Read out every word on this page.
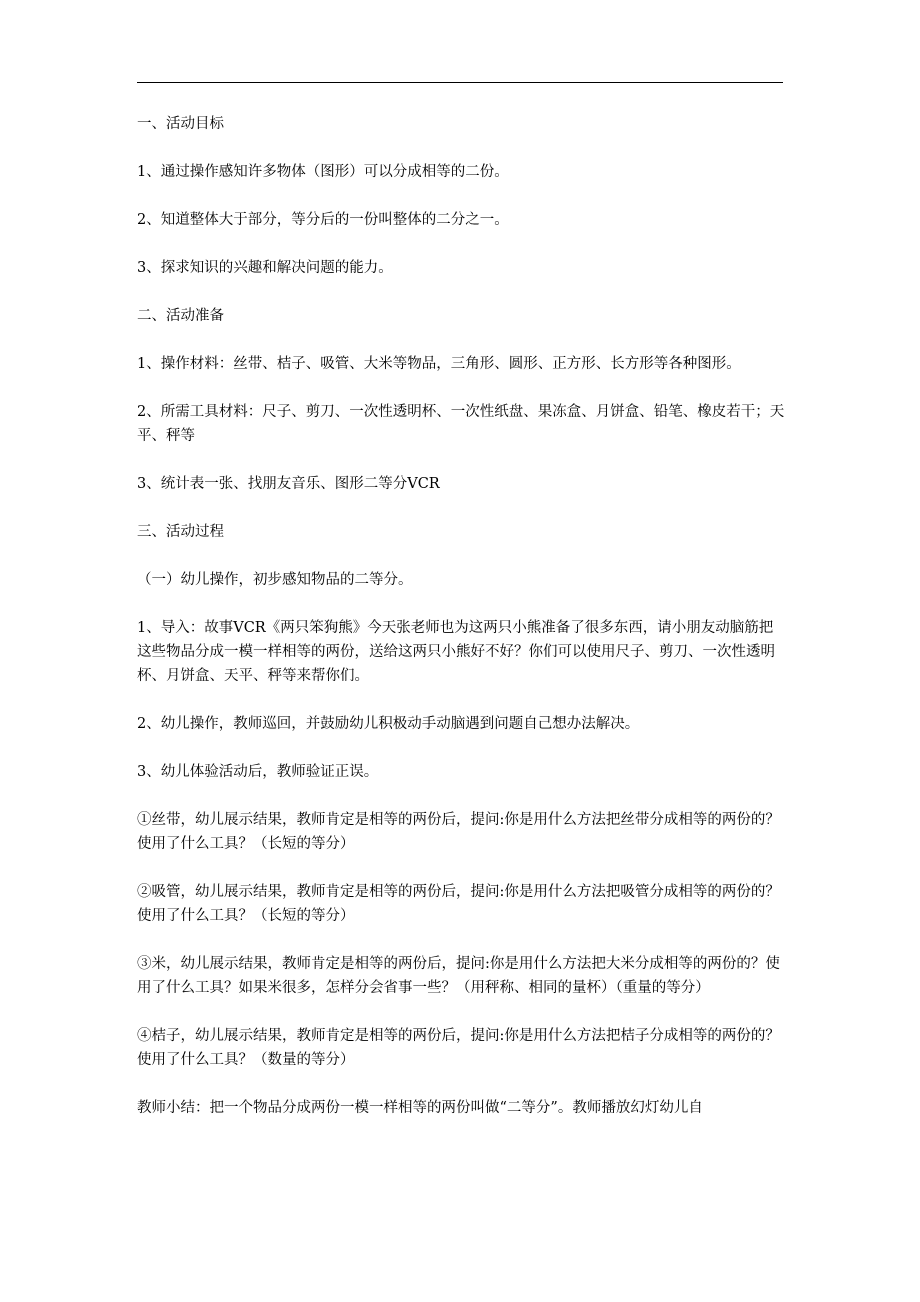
一、活动目标

1、通过操作感知许多物体（图形）可以分成相等的二份。

2、知道整体大于部分，等分后的一份叫整体的二分之一。

3、探求知识的兴趣和解决问题的能力。

二、活动准备

1、操作材料：丝带、桔子、吸管、大米等物品，三角形、圆形、正方形、长方形等各种图形。

2、所需工具材料：尺子、剪刀、一次性透明杯、一次性纸盘、果冻盒、月饼盒、铅笔、橡皮若干；天平、秤等

3、统计表一张、找朋友音乐、图形二等分VCR

三、活动过程

（一）幼儿操作，初步感知物品的二等分。

1、导入：故事VCR《两只笨狗熊》今天张老师也为这两只小熊准备了很多东西，请小朋友动脑筋把这些物品分成一模一样相等的两份，送给这两只小熊好不好？你们可以使用尺子、剪刀、一次性透明杯、月饼盒、天平、秤等来帮你们。

2、幼儿操作，教师巡回，并鼓励幼儿积极动手动脑遇到问题自己想办法解决。

3、幼儿体验活动后，教师验证正误。

①丝带，幼儿展示结果，教师肯定是相等的两份后，提问:你是用什么方法把丝带分成相等的两份的？使用了什么工具？（长短的等分）

②吸管，幼儿展示结果，教师肯定是相等的两份后，提问:你是用什么方法把吸管分成相等的两份的？使用了什么工具？（长短的等分）

③米，幼儿展示结果，教师肯定是相等的两份后，提问:你是用什么方法把大米分成相等的两份的？使用了什么工具？如果米很多，怎样分会省事一些？（用秤称、相同的量杯）（重量的等分）

④桔子，幼儿展示结果，教师肯定是相等的两份后，提问:你是用什么方法把桔子分成相等的两份的？使用了什么工具？（数量的等分）

教师小结：把一个物品分成两份一模一样相等的两份叫做“二等分”。教师播放幻灯幼儿自
